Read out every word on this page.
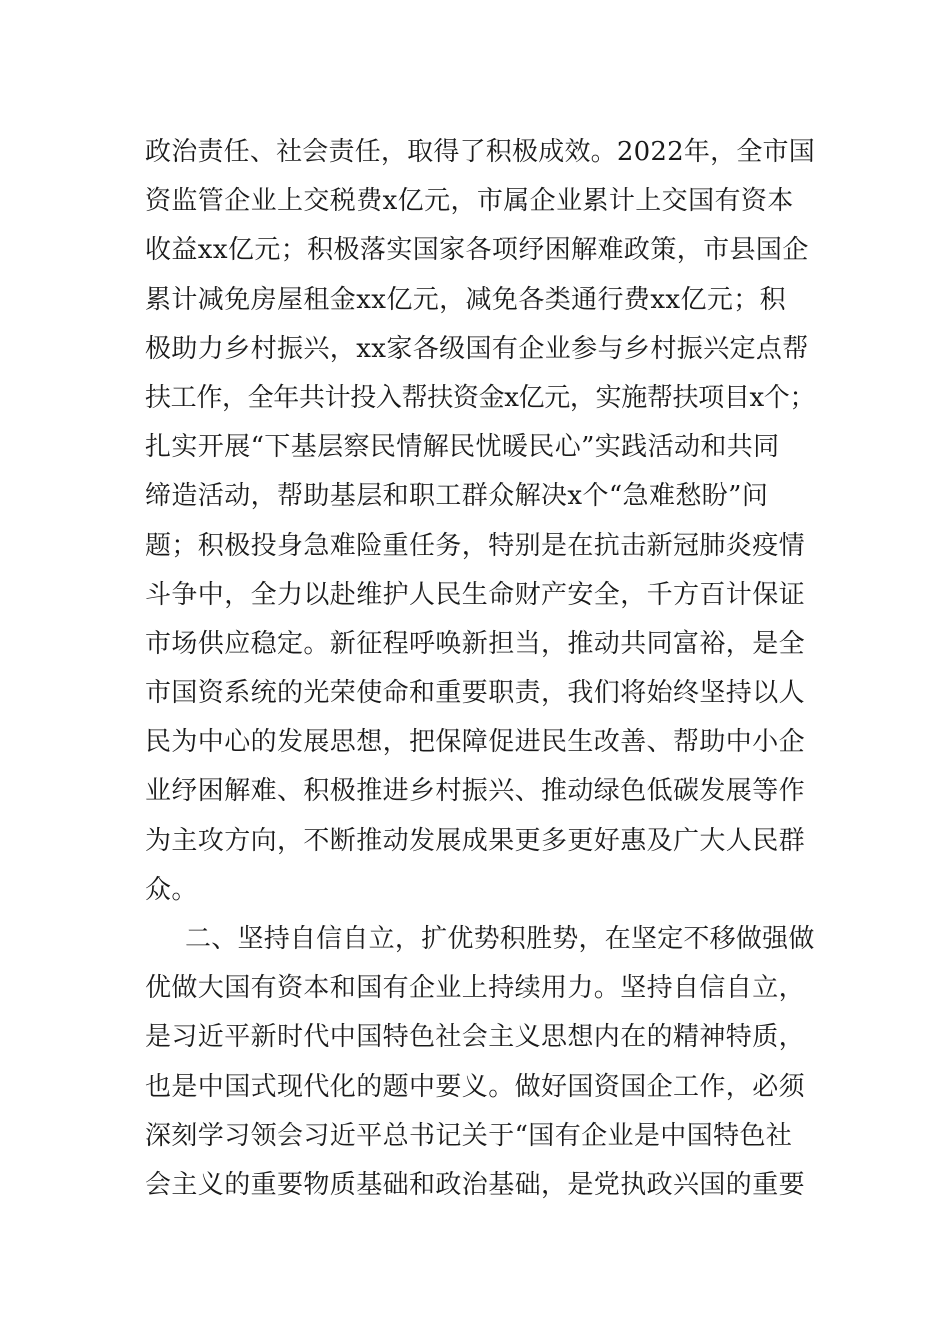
政治责任、社会责任，取得了积极成效。2022年，全市国
资监管企业上交税费x亿元，市属企业累计上交国有资本
收益xx亿元；积极落实国家各项纾困解难政策，市县国企
累计减免房屋租金xx亿元，减免各类通行费xx亿元；积
极助力乡村振兴，xx家各级国有企业参与乡村振兴定点帮
扶工作，全年共计投入帮扶资金x亿元，实施帮扶项目x个；
扎实开展“下基层察民情解民忧暖民心”实践活动和共同
缔造活动，帮助基层和职工群众解决x个“急难愁盼”问
题；积极投身急难险重任务，特别是在抗击新冠肺炎疫情
斗争中，全力以赴维护人民生命财产安全，千方百计保证
市场供应稳定。新征程呼唤新担当，推动共同富裕，是全
市国资系统的光荣使命和重要职责，我们将始终坚持以人
民为中心的发展思想，把保障促进民生改善、帮助中小企
业纾困解难、积极推进乡村振兴、推动绿色低碳发展等作
为主攻方向，不断推动发展成果更多更好惠及广大人民群
众。
二、坚持自信自立，扩优势积胜势，在坚定不移做强做
优做大国有资本和国有企业上持续用力。坚持自信自立，
是习近平新时代中国特色社会主义思想内在的精神特质，
也是中国式现代化的题中要义。做好国资国企工作，必须
深刻学习领会习近平总书记关于“国有企业是中国特色社
会主义的重要物质基础和政治基础，是党执政兴国的重要
